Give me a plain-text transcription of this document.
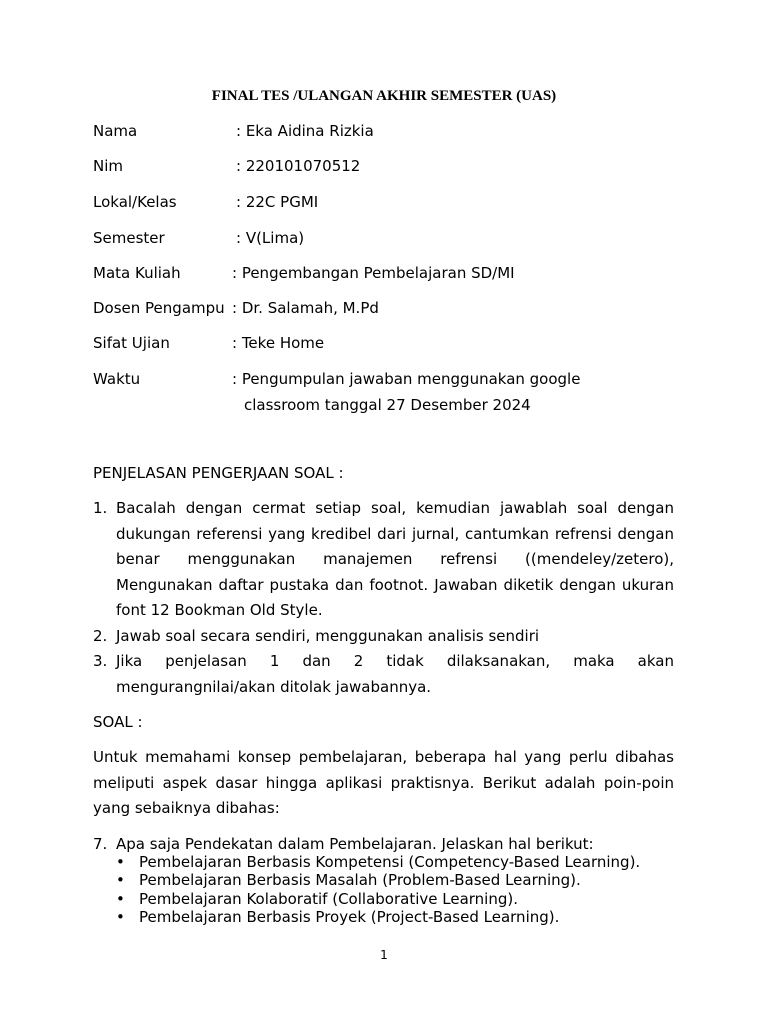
FINAL TES /ULANGAN AKHIR SEMESTER (UAS)
Nama	: Eka Aidina Rizkia
Nim	: 220101070512
Lokal/Kelas	: 22C PGMI
Semester	: V(Lima)
Mata Kuliah	: Pengembangan Pembelajaran SD/MI
Dosen Pengampu : Dr. Salamah, M.Pd
Sifat Ujian	: Teke Home
Waktu	: Pengumpulan jawaban menggunakan google
classroom tanggal 27 Desember 2024
PENJELASAN PENGERJAAN SOAL :
1. Bacalah dengan cermat setiap soal, kemudian jawablah soal dengan dukungan referensi yang kredibel dari jurnal, cantumkan refrensi dengan benar menggunakan manajemen refrensi ((mendeley/zetero), Mengunakan daftar pustaka dan footnot. Jawaban diketik dengan ukuran font 12 Bookman Old Style.
2. Jawab soal secara sendiri, menggunakan analisis sendiri
3. Jika penjelasan 1 dan 2 tidak dilaksanakan, maka akan mengurangnilai/akan ditolak jawabannya.
SOAL :
Untuk memahami konsep pembelajaran, beberapa hal yang perlu dibahas meliputi aspek dasar hingga aplikasi praktisnya. Berikut adalah poin-poin yang sebaiknya dibahas:
7. Apa saja Pendekatan dalam Pembelajaran. Jelaskan hal berikut:
• Pembelajaran Berbasis Kompetensi (Competency-Based Learning).
• Pembelajaran Berbasis Masalah (Problem-Based Learning).
• Pembelajaran Kolaboratif (Collaborative Learning).
• Pembelajaran Berbasis Proyek (Project-Based Learning).
1
